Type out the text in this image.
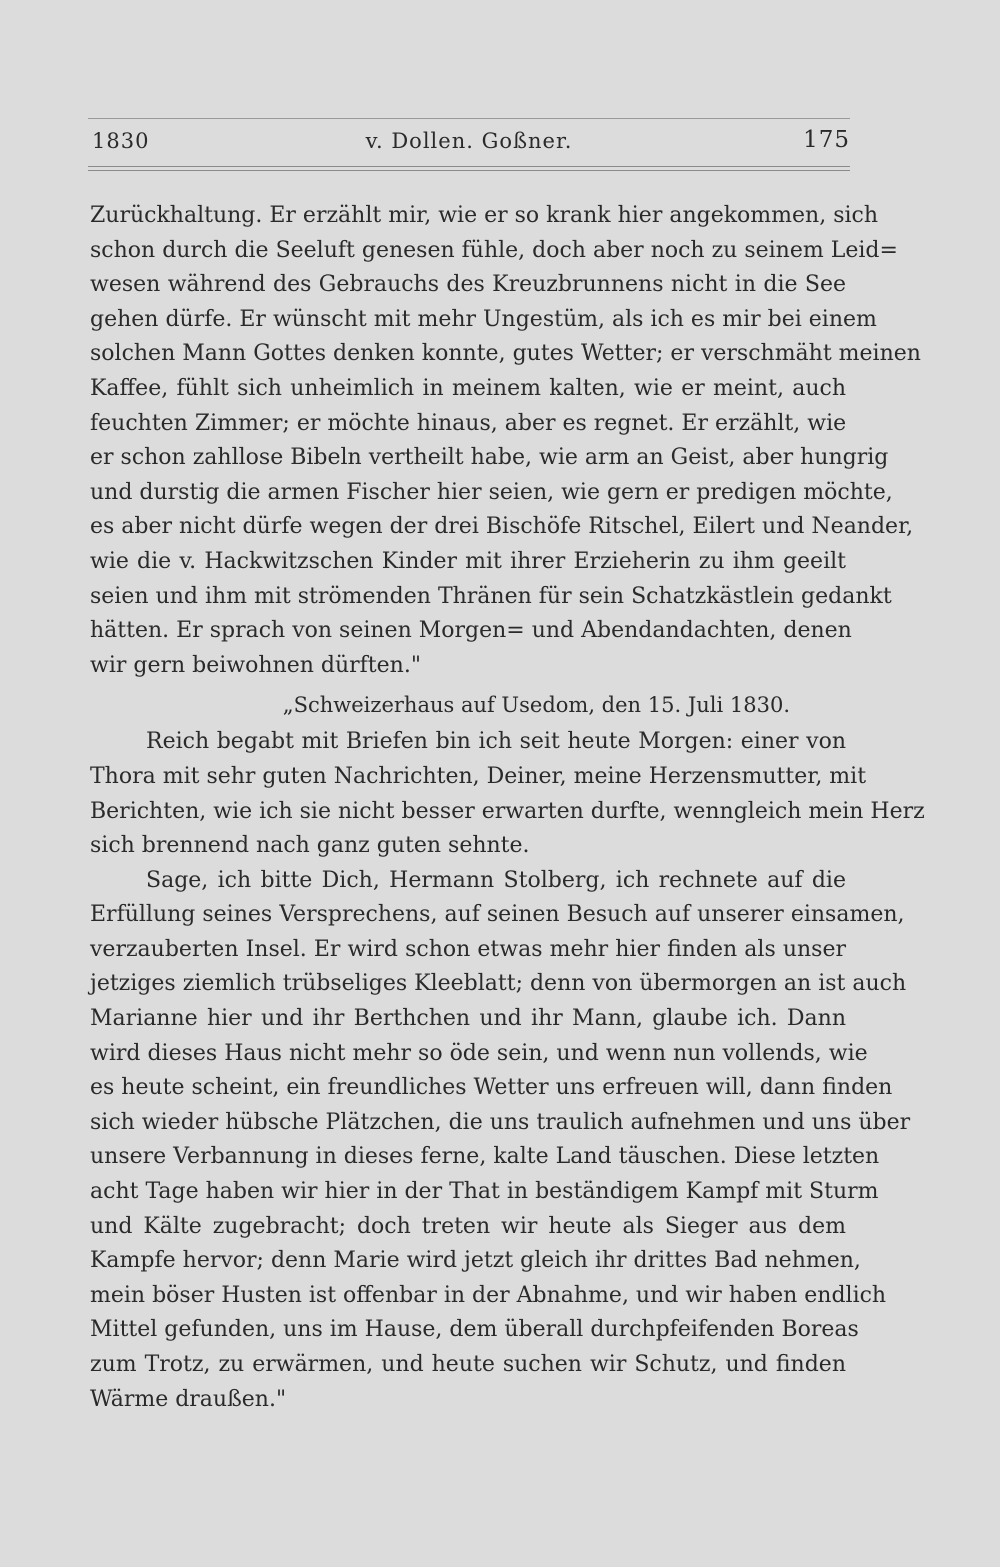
1830	v. Dollen. Goßner.	175
Zurückhaltung. Er erzählt mir, wie er so krank hier angekommen, sich
schon durch die Seeluft genesen fühle, doch aber noch zu seinem Leid=
wesen während des Gebrauchs des Kreuzbrunnens nicht in die See
gehen dürfe. Er wünscht mit mehr Ungestüm, als ich es mir bei einem
solchen Mann Gottes denken konnte, gutes Wetter; er verschmäht meinen
Kaffee, fühlt sich unheimlich in meinem kalten, wie er meint, auch
feuchten Zimmer; er möchte hinaus, aber es regnet. Er erzählt, wie
er schon zahllose Bibeln vertheilt habe, wie arm an Geist, aber hungrig
und durstig die armen Fischer hier seien, wie gern er predigen möchte,
es aber nicht dürfe wegen der drei Bischöfe Ritschel, Eilert und Neander,
wie die v. Hackwitzschen Kinder mit ihrer Erzieherin zu ihm geeilt
seien und ihm mit strömenden Thränen für sein Schatzkästlein gedankt
hätten. Er sprach von seinen Morgen= und Abendandachten, denen
wir gern beiwohnen dürften."
„Schweizerhaus auf Usedom, den 15. Juli 1830.
Reich begabt mit Briefen bin ich seit heute Morgen: einer von
Thora mit sehr guten Nachrichten, Deiner, meine Herzensmutter, mit
Berichten, wie ich sie nicht besser erwarten durfte, wenngleich mein Herz
sich brennend nach ganz guten sehnte.
Sage, ich bitte Dich, Hermann Stolberg, ich rechnete auf die
Erfüllung seines Versprechens, auf seinen Besuch auf unserer einsamen,
verzauberten Insel. Er wird schon etwas mehr hier finden als unser
jetziges ziemlich trübseliges Kleeblatt; denn von übermorgen an ist auch
Marianne hier und ihr Berthchen und ihr Mann, glaube ich. Dann
wird dieses Haus nicht mehr so öde sein, und wenn nun vollends, wie
es heute scheint, ein freundliches Wetter uns erfreuen will, dann finden
sich wieder hübsche Plätzchen, die uns traulich aufnehmen und uns über
unsere Verbannung in dieses ferne, kalte Land täuschen. Diese letzten
acht Tage haben wir hier in der That in beständigem Kampf mit Sturm
und Kälte zugebracht; doch treten wir heute als Sieger aus dem
Kampfe hervor; denn Marie wird jetzt gleich ihr drittes Bad nehmen,
mein böser Husten ist offenbar in der Abnahme, und wir haben endlich
Mittel gefunden, uns im Hause, dem überall durchpfeifenden Boreas
zum Trotz, zu erwärmen, und heute suchen wir Schutz, und finden
Wärme draußen."
